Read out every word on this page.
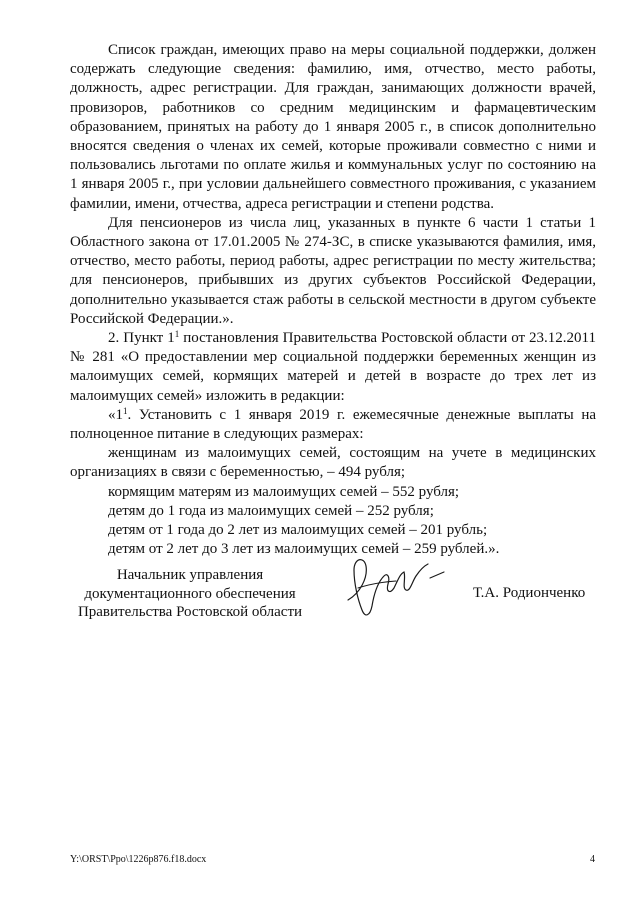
Список граждан, имеющих право на меры социальной поддержки, должен содержать следующие сведения: фамилию, имя, отчество, место работы, должность, адрес регистрации. Для граждан, занимающих должности врачей, провизоров, работников со средним медицинским и фармацевтическим образованием, принятых на работу до 1 января 2005 г., в список дополнительно вносятся сведения о членах их семей, которые проживали совместно с ними и пользовались льготами по оплате жилья и коммунальных услуг по состоянию на 1 января 2005 г., при условии дальнейшего совместного проживания, с указанием фамилии, имени, отчества, адреса регистрации и степени родства.

Для пенсионеров из числа лиц, указанных в пункте 6 части 1 статьи 1 Областного закона от 17.01.2005 № 274-ЗС, в списке указываются фамилия, имя, отчество, место работы, период работы, адрес регистрации по месту жительства; для пенсионеров, прибывших из других субъектов Российской Федерации, дополнительно указывается стаж работы в сельской местности в другом субъекте Российской Федерации.».

2. Пункт $1^1$ постановления Правительства Ростовской области от 23.12.2011 № 281 «О предоставлении мер социальной поддержки беременных женщин из малоимущих семей, кормящих матерей и детей в возрасте до трех лет из малоимущих семей» изложить в редакции:

«$1^1$. Установить с 1 января 2019 г. ежемесячные денежные выплаты на полноценное питание в следующих размерах:

женщинам из малоимущих семей, состоящим на учете в медицинских организациях в связи с беременностью, – 494 рубля;

кормящим матерям из малоимущих семей – 552 рубля;

детям до 1 года из малоимущих семей – 252 рубля;

детям от 1 года до 2 лет из малоимущих семей – 201 рубль;

детям от 2 лет до 3 лет из малоимущих семей – 259 рублей.».

Начальник управления
документационного обеспечения
Правительства Ростовской области
Т.А. Родионченко
Y:\ORST\Ppo\1226p876.f18.docx	4
